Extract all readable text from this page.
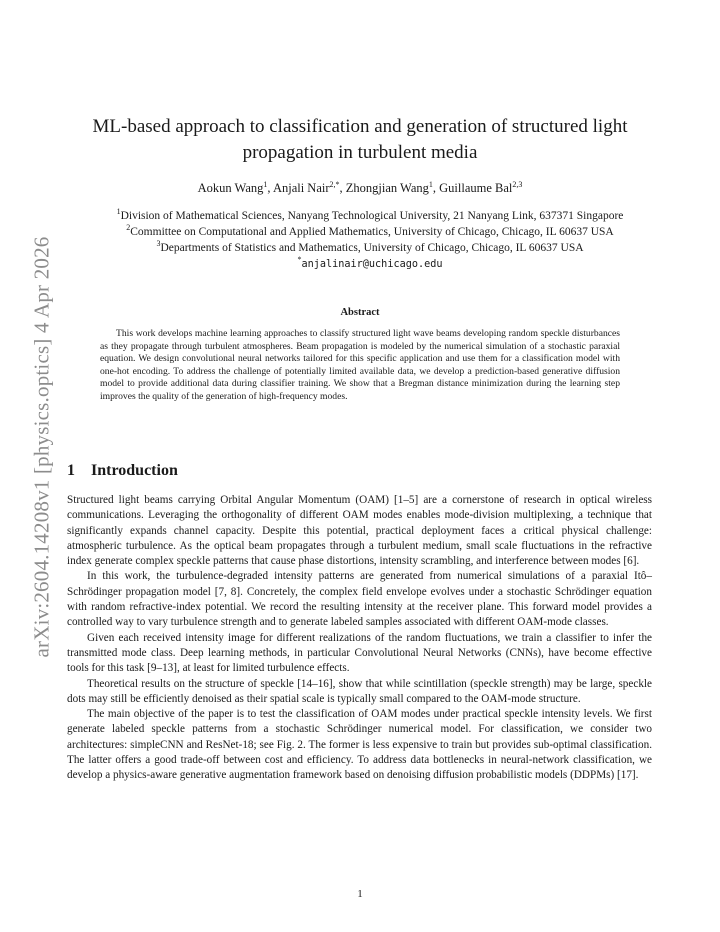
arXiv:2604.14208v1 [physics.optics] 4 Apr 2026
ML-based approach to classification and generation of structured light propagation in turbulent media
Aokun Wang$^1$, Anjali Nair$^{2,*}$, Zhongjian Wang$^1$, Guillaume Bal$^{2,3}$
$^1$Division of Mathematical Sciences, Nanyang Technological University, 21 Nanyang Link, 637371 Singapore
$^2$Committee on Computational and Applied Mathematics, University of Chicago, Chicago, IL 60637 USA
$^3$Departments of Statistics and Mathematics, University of Chicago, Chicago, IL 60637 USA
*anjalinair@uchicago.edu
Abstract
This work develops machine learning approaches to classify structured light wave beams developing random speckle disturbances as they propagate through turbulent atmospheres. Beam propagation is modeled by the numerical simulation of a stochastic paraxial equation. We design convolutional neural networks tailored for this specific application and use them for a classification model with one-hot encoding. To address the challenge of potentially limited available data, we develop a prediction-based generative diffusion model to provide additional data during classifier training. We show that a Bregman distance minimization during the learning step improves the quality of the generation of high-frequency modes.
1 Introduction

Structured light beams carrying Orbital Angular Momentum (OAM) [1–5] are a cornerstone of research in optical wireless communications. Leveraging the orthogonality of different OAM modes enables mode-division multiplexing, a technique that significantly expands channel capacity. Despite this potential, practical deployment faces a critical physical challenge: atmospheric turbulence. As the optical beam propagates through a turbulent medium, small scale fluctuations in the refractive index generate complex speckle patterns that cause phase distortions, intensity scrambling, and interference between modes [6].

In this work, the turbulence-degraded intensity patterns are generated from numerical simulations of a paraxial Itô–Schrödinger propagation model [7, 8]. Concretely, the complex field envelope evolves under a stochastic Schrödinger equation with random refractive-index potential. We record the resulting intensity at the receiver plane. This forward model provides a controlled way to vary turbulence strength and to generate labeled samples associated with different OAM-mode classes.

Given each received intensity image for different realizations of the random fluctuations, we train a classifier to infer the transmitted mode class. Deep learning methods, in particular Convolutional Neural Networks (CNNs), have become effective tools for this task [9–13], at least for limited turbulence effects.

Theoretical results on the structure of speckle [14–16], show that while scintillation (speckle strength) may be large, speckle dots may still be efficiently denoised as their spatial scale is typically small compared to the OAM-mode structure.

The main objective of the paper is to test the classification of OAM modes under practical speckle intensity levels. We first generate labeled speckle patterns from a stochastic Schrödinger numerical model. For classification, we consider two architectures: simpleCNN and ResNet-18; see Fig. 2. The former is less expensive to train but provides sub-optimal classification. The latter offers a good trade-off between cost and efficiency. To address data bottlenecks in neural-network classification, we develop a physics-aware generative augmentation framework based on denoising diffusion probabilistic models (DDPMs) [17].

1
